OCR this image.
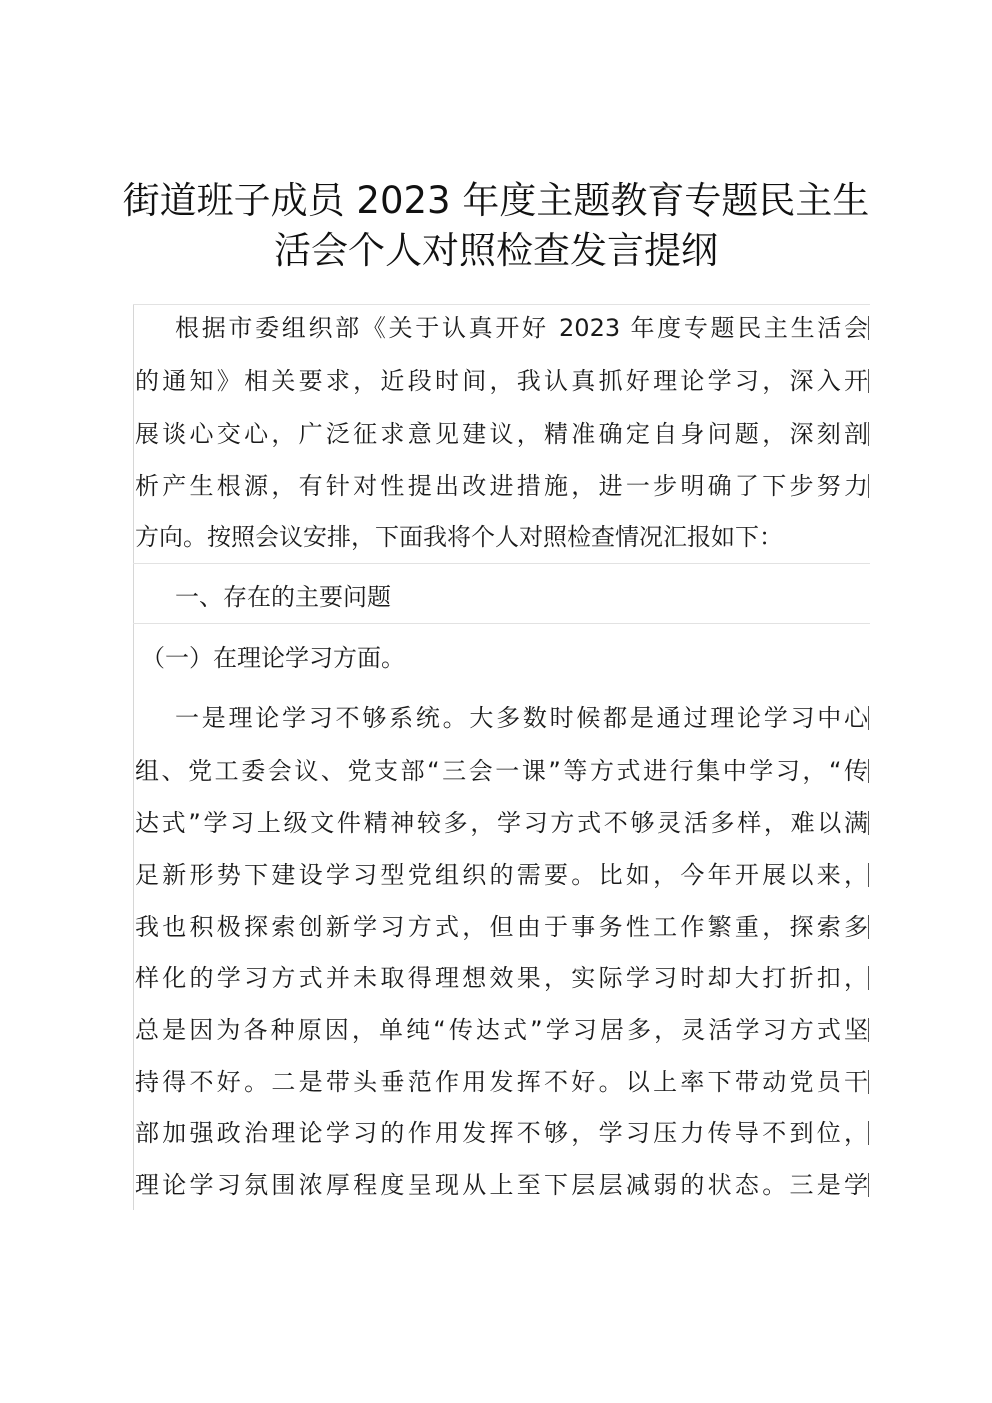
街道班子成员 2023 年度主题教育专题民主生
活会个人对照检查发言提纲
根据市委组织部《关于认真开好 2023 年度专题民主生活会
的通知》相关要求，近段时间，我认真抓好理论学习，深入开
展谈心交心，广泛征求意见建议，精准确定自身问题，深刻剖
析产生根源，有针对性提出改进措施，进一步明确了下步努力
方向。按照会议安排，下面我将个人对照检查情况汇报如下：
一、存在的主要问题
（一）在理论学习方面。
一是理论学习不够系统。大多数时候都是通过理论学习中心
组、党工委会议、党支部“三会一课”等方式进行集中学习，“传
达式”学习上级文件精神较多，学习方式不够灵活多样，难以满
足新形势下建设学习型党组织的需要。比如，今年开展以来，
我也积极探索创新学习方式，但由于事务性工作繁重，探索多
样化的学习方式并未取得理想效果，实际学习时却大打折扣，
总是因为各种原因，单纯“传达式”学习居多，灵活学习方式坚
持得不好。二是带头垂范作用发挥不好。以上率下带动党员干
部加强政治理论学习的作用发挥不够，学习压力传导不到位，
理论学习氛围浓厚程度呈现从上至下层层减弱的状态。三是学
